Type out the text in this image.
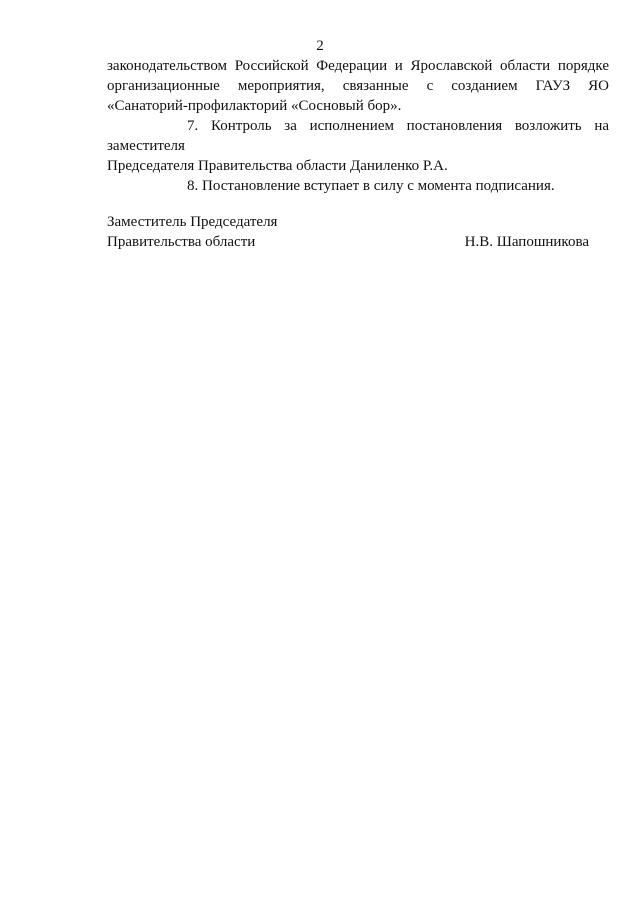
2

законодательством Российской Федерации и Ярославской области порядке

организационные мероприятия, связанные с созданием ГАУЗ ЯО

«Санаторий-профилакторий «Сосновый бор».

7. Контроль за исполнением постановления возложить на заместителя

Председателя Правительства области Даниленко Р.А.

8. Постановление вступает в силу с момента подписания.

Заместитель Председателя
Правительства области	Н.В. Шапошникова
